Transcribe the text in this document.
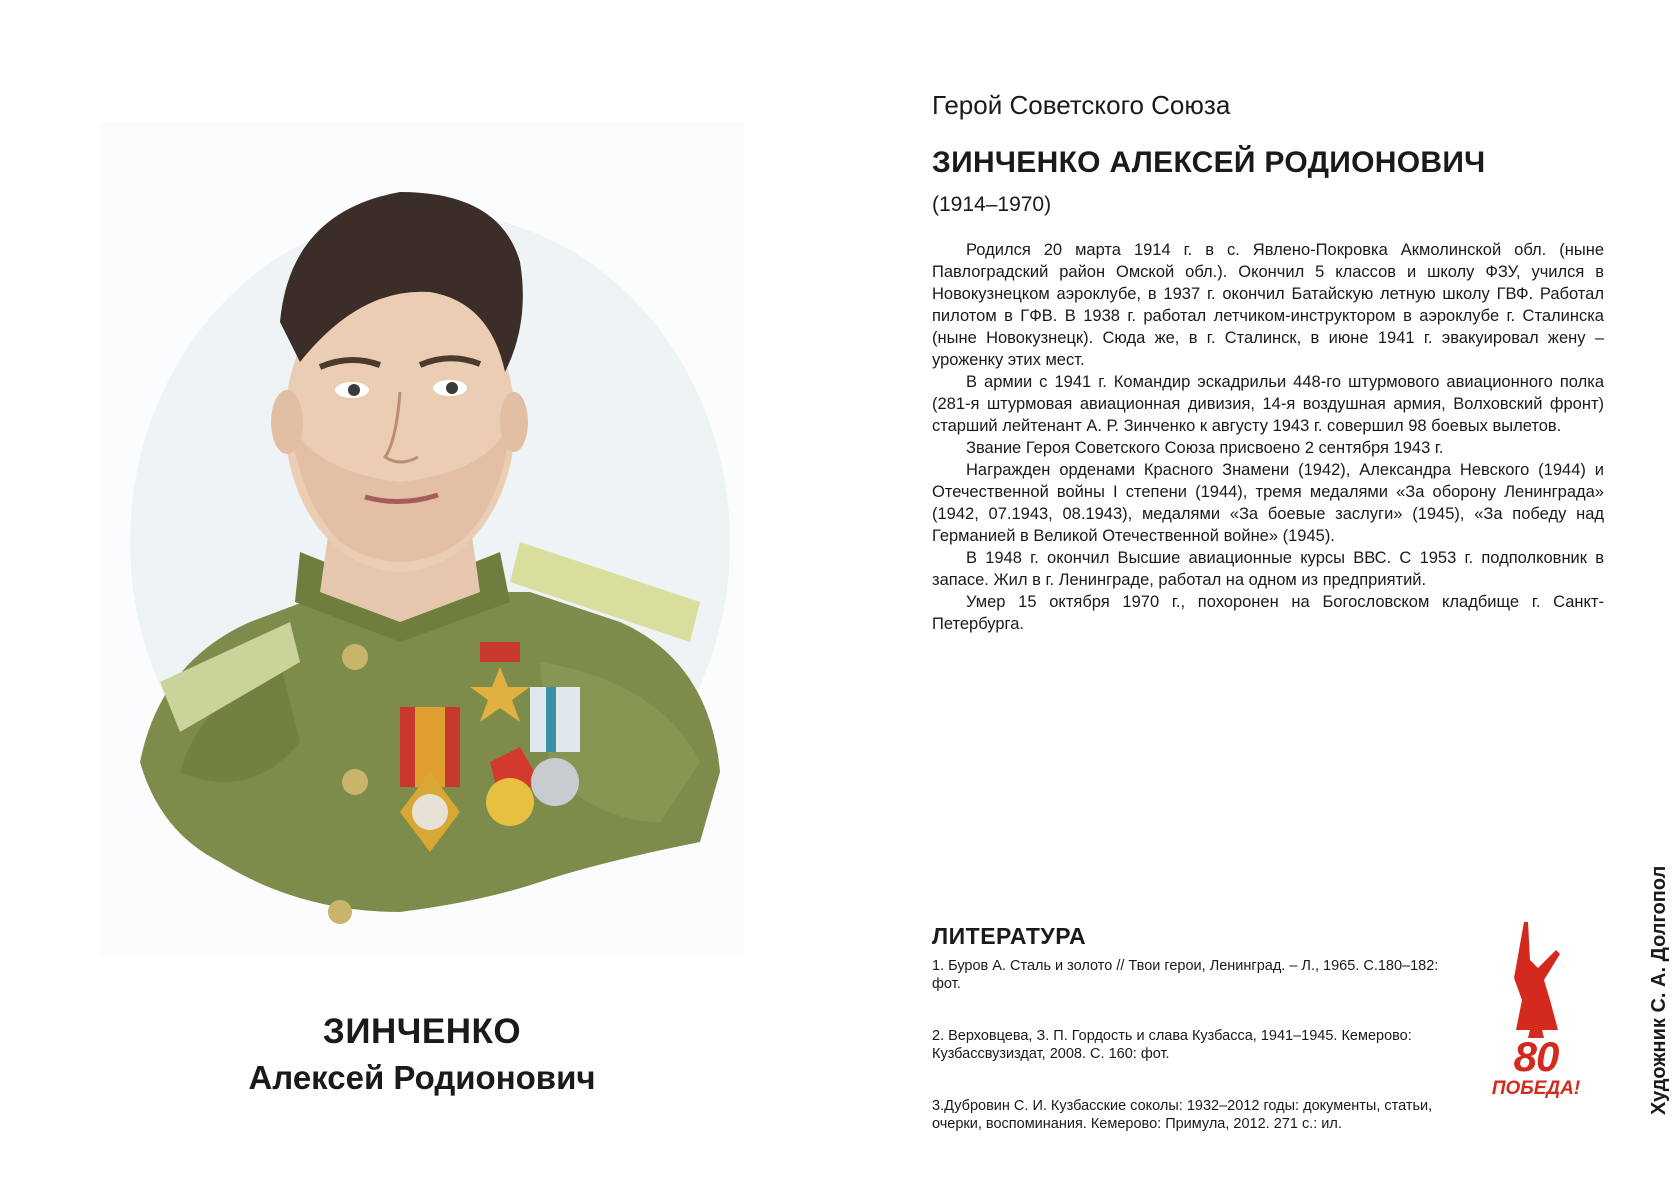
ЗИНЧЕНКО
Алексей Родионович
Герой Советского Союза
ЗИНЧЕНКО АЛЕКСЕЙ РОДИОНОВИЧ
(1914–1970)

Родился 20 марта 1914 г. в с. Явлено-Покровка Акмолинской обл. (ныне Павлоградский район Омской обл.). Окончил 5 классов и школу ФЗУ, учился в Новокузнецком аэроклубе, в 1937 г. окончил Батайскую летную школу ГВФ. Работал пилотом в ГФВ. В 1938 г. работал летчиком-инструктором в аэроклубе г. Сталинска (ныне Новокузнецк). Сюда же, в г. Сталинск, в июне 1941 г. эвакуировал жену – уроженку этих мест.

В армии с 1941 г. Командир эскадрильи 448-го штурмового авиационного полка (281-я штурмовая авиационная дивизия, 14-я воздушная армия, Волховский фронт) старший лейтенант А. Р. Зинченко к августу 1943 г. совершил 98 боевых вылетов.

Звание Героя Советского Союза присвоено 2 сентября 1943 г.

Награжден орденами Красного Знамени (1942), Александра Невского (1944) и Отечественной войны I степени (1944), тремя медалями «За оборону Ленинграда» (1942, 07.1943, 08.1943), медалями «За боевые заслуги» (1945), «За победу над Германией в Великой Отечественной войне» (1945).

В 1948 г. окончил Высшие авиационные курсы ВВС. С 1953 г. подполковник в запасе. Жил в г. Ленинграде, работал на одном из предприятий.

Умер 15 октября 1970 г., похоронен на Богословском кладбище г. Санкт-Петербурга.

ЛИТЕРАТУРА
1. Буров А. Сталь и золото // Твои герои, Ленинград. – Л., 1965. С.180–182: фот.
2. Верховцева, З. П. Гордость и слава Кузбасса, 1941–1945. Кемерово: Кузбассвузиздат, 2008. С. 160: фот.
3.Дубровин С. И. Кузбасские соколы: 1932–2012 годы: документы, статьи, очерки, воспоминания. Кемерово: Примула, 2012. 271 с.: ил.
80
ПОБЕДА!	Художник С. А. Долгопол
